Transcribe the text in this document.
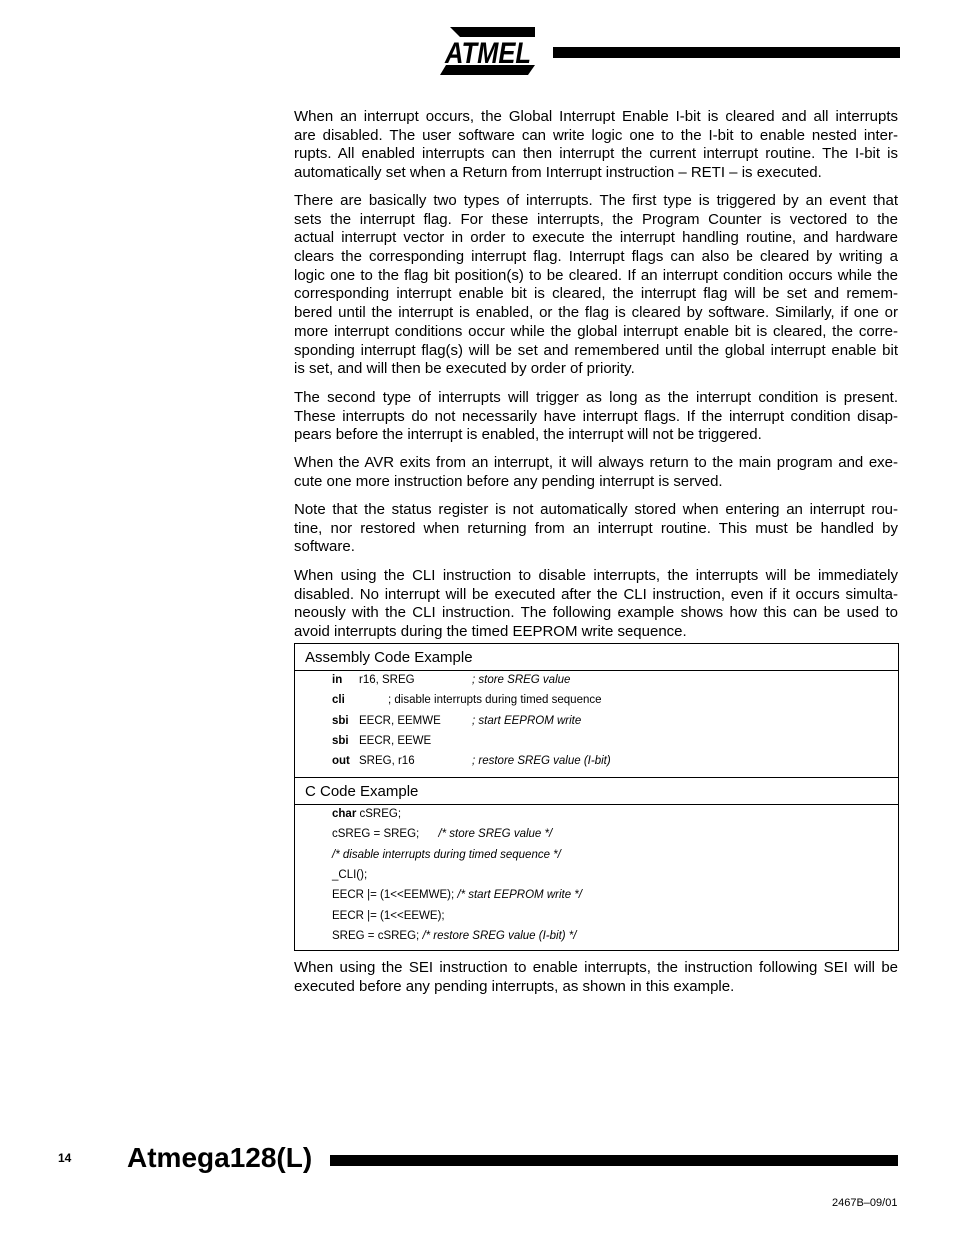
ATMEL
When an interrupt occurs, the Global Interrupt Enable I-bit is cleared and all interrupts
are disabled. The user software can write logic one to the I-bit to enable nested inter-
rupts. All enabled interrupts can then interrupt the current interrupt routine. The I-bit is
automatically set when a Return from Interrupt instruction – RETI – is executed.
There are basically two types of interrupts. The first type is triggered by an event that
sets the interrupt flag. For these interrupts, the Program Counter is vectored to the
actual interrupt vector in order to execute the interrupt handling routine, and hardware
clears the corresponding interrupt flag. Interrupt flags can also be cleared by writing a
logic one to the flag bit position(s) to be cleared. If an interrupt condition occurs while the
corresponding interrupt enable bit is cleared, the interrupt flag will be set and remem-
bered until the interrupt is enabled, or the flag is cleared by software. Similarly, if one or
more interrupt conditions occur while the global interrupt enable bit is cleared, the corre-
sponding interrupt flag(s) will be set and remembered until the global interrupt enable bit
is set, and will then be executed by order of priority.
The second type of interrupts will trigger as long as the interrupt condition is present.
These interrupts do not necessarily have interrupt flags. If the interrupt condition disap-
pears before the interrupt is enabled, the interrupt will not be triggered.
When the AVR exits from an interrupt, it will always return to the main program and exe-
cute one more instruction before any pending interrupt is served.
Note that the status register is not automatically stored when entering an interrupt rou-
tine, nor restored when returning from an interrupt routine. This must be handled by
software.
When using the CLI instruction to disable interrupts, the interrupts will be immediately
disabled. No interrupt will be executed after the CLI instruction, even if it occurs simulta-
neously with the CLI instruction. The following example shows how this can be used to
avoid interrupts during the timed EEPROM write sequence.
When using the SEI instruction to enable interrupts, the instruction following SEI will be
executed before any pending interrupts, as shown in this example.
Assembly Code Example
in r16, SREG	; store SREG value
cli	; disable interrupts during timed sequence
sbi EECR, EEMWE	; start EEPROM write
sbi EECR, EEWE
out SREG, r16	; restore SREG value (I-bit)
C Code Example
char cSREG;
cSREG = SREG; /* store SREG value */
/* disable interrupts during timed sequence */
_CLI();
EECR |= (1<<EEMWE); /* start EEPROM write */
EECR |= (1<<EEWE);
SREG = cSREG; /* restore SREG value (I-bit) */
14 Atmega128(L)
2467B–09/01
